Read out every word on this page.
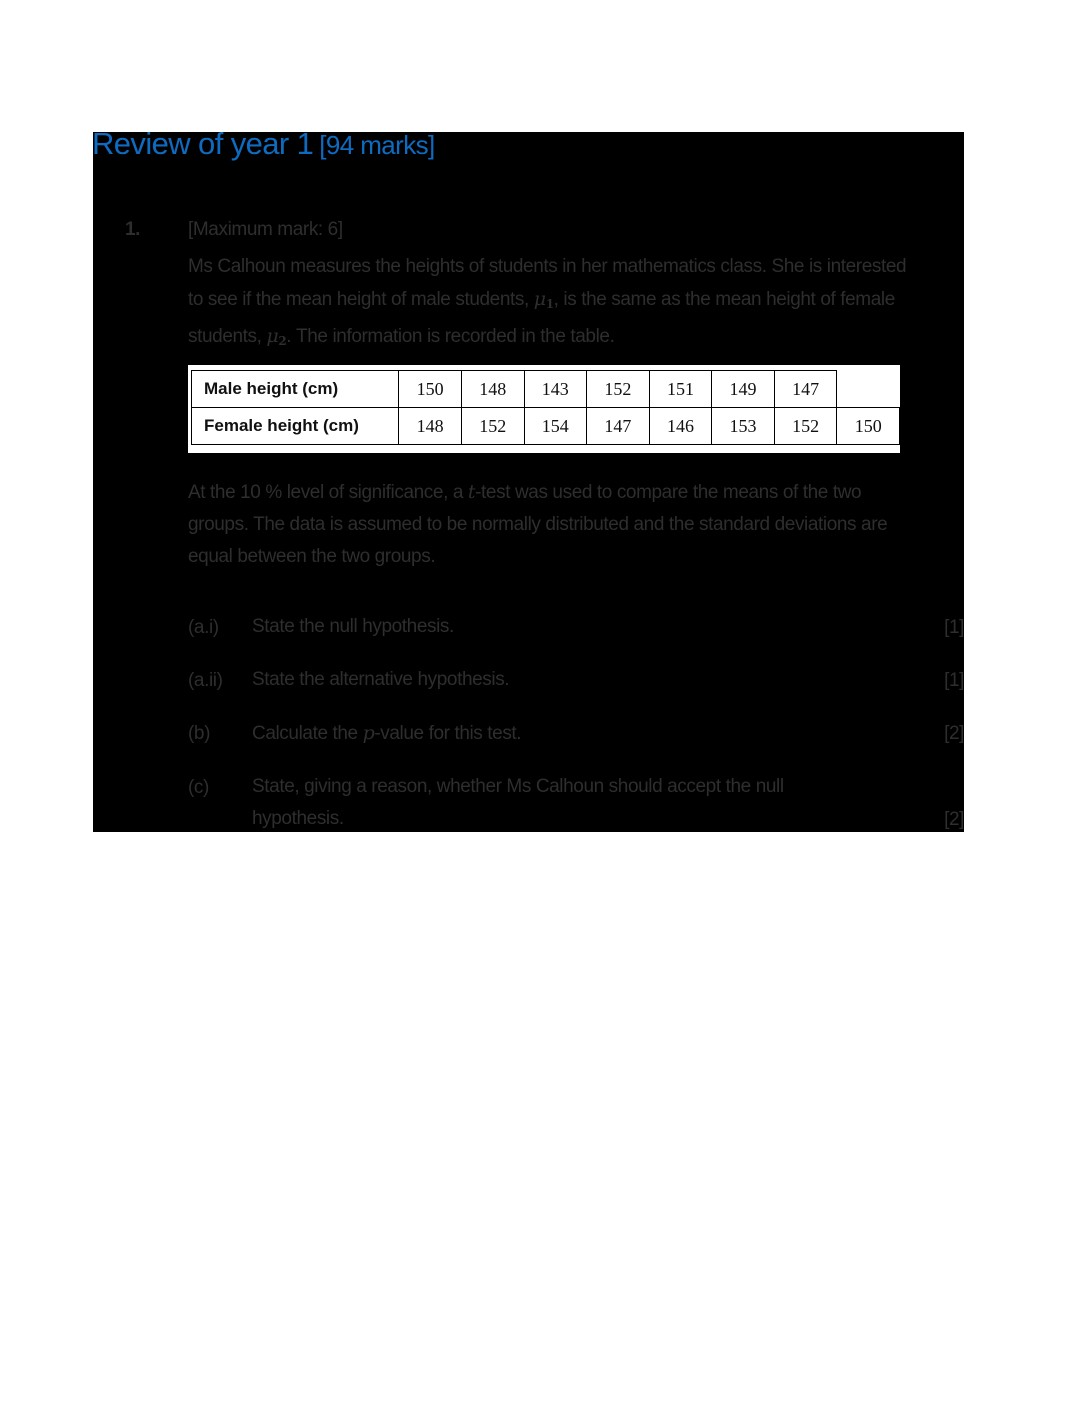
Review of year 1 [94 marks]
1.	[Maximum mark: 6]

Ms Calhoun measures the heights of students in her mathematics class. She is interested to see if the mean height of male students, $\mu_1$, is the same as the mean height of female students, $\mu_2$. The information is recorded in the table.

Male height (cm)	150	148	143	152	151	149	147	
Female height (cm)	148	152	154	147	146	153	152	150

At the 10 % level of significance, a t-test was used to compare the means of the two groups. The data is assumed to be normally distributed and the standard deviations are equal between the two groups.

(a.i) State the null hypothesis.	[1]
(a.ii) State the alternative hypothesis.	[1]
(b) Calculate the p-value for this test.	[2]
(c) State, giving a reason, whether Ms Calhoun should accept the null hypothesis.	[2]
